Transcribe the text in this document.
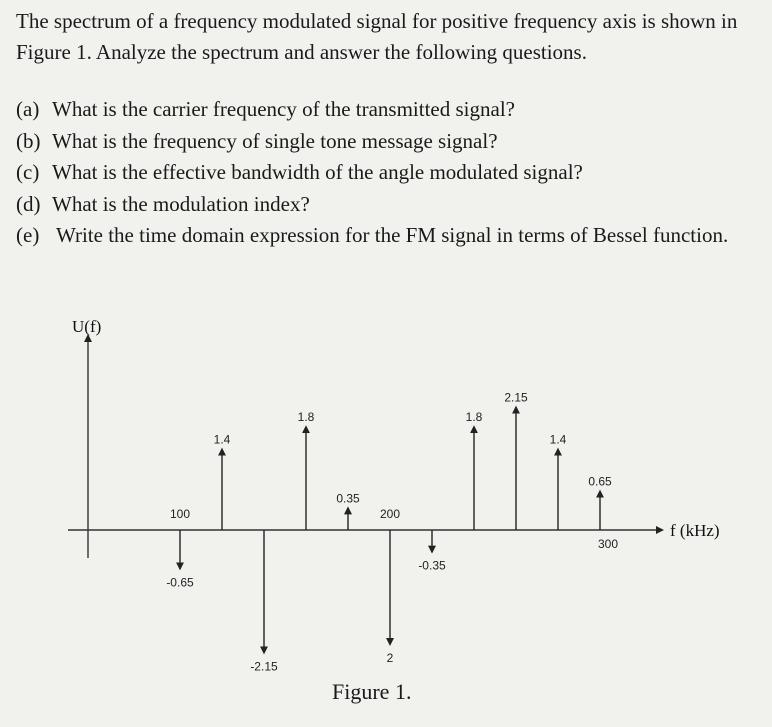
The spectrum of a frequency modulated signal for positive frequency axis is shown in Figure 1. Analyze the spectrum and answer the following questions.

(a) What is the carrier frequency of the transmitted signal?
(b) What is the frequency of single tone message signal?
(c) What is the effective bandwidth of the angle modulated signal?
(d) What is the modulation index?
(e) Write the time domain expression for the FM signal in terms of Bessel function.
U(f)
f (kHz)
100	200
300
-0.65
1.4
-2.15
1.8
0.35
2
-0.35
1.8
2.15
1.4
0.65

Figure 1.
